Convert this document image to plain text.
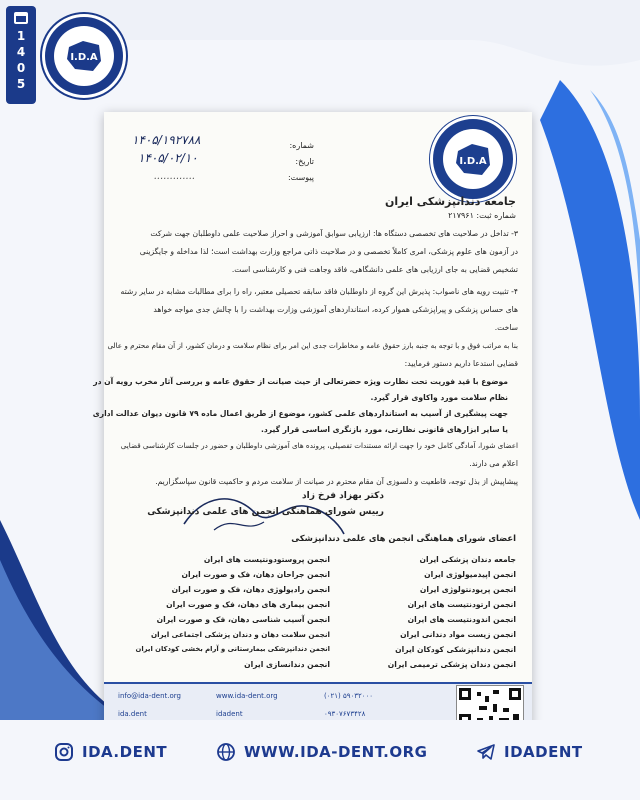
1
4
0
5
I.D.A
I.D.A
شماره:
۱۴۰۵/۱۹۲۷۸۸
تاریخ:
۱۴۰۵/۰۲/۱۰
پیوست:
.............
جامعه دندانپزشکی ایران
شماره ثبت: ۲۱۷۹۶۱
۳- تداخل در صلاحیت های تخصصی دستگاه ها: ارزیابی سوابق آموزشی و احراز صلاحیت علمی داوطلبان جهت شرکت
در آزمون های علوم پزشکی، امری کاملاً تخصصی و در صلاحیت ذاتی مراجع وزارت بهداشت است؛ لذا مداخله و جایگزینی
تشخیص قضایی به جای ارزیابی های علمی دانشگاهی، فاقد وجاهت فنی و کارشناسی است.
۴- تثبیت رویه های ناصواب: پذیرش این گروه از داوطلبان فاقد سابقه تحصیلی معتبر، راه را برای مطالبات مشابه در سایر رشته
های حساس پزشکی و پیراپزشکی هموار کرده، استانداردهای آموزشی وزارت بهداشت را با چالش جدی مواجه خواهد
ساخت.
بنا به مراتب فوق و با توجه به جنبه بارز حقوق عامه و مخاطرات جدی این امر برای نظام سلامت و درمان کشور، از آن مقام محترم و عالی
قضایی استدعا داریم دستور فرمایید:
موضوع با قید فوریت تحت نظارت ویژه حضرتعالی از حیث صیانت از حقوق عامه و بررسی آثار مخرب رویه آن در
نظام سلامت مورد واکاوی قرار گیرد.
جهت پیشگیری از آسیب به استانداردهای علمی کشور، موضوع از طریق اعمال ماده ۷۹ قانون دیوان عدالت اداری
یا سایر ابزارهای قانونی نظارتی، مورد بازنگری اساسی قرار گیرد.
اعضای شورا، آمادگی کامل خود را جهت ارائه مستندات تفصیلی، پرونده های آموزشی داوطلبان و حضور در جلسات کارشناسی قضایی
اعلام می دارند.
پیشاپیش از بذل توجه، قاطعیت و دلسوزی آن مقام محترم در صیانت از سلامت مردم و حاکمیت قانون سپاسگزاریم.
دکتر بهزاد فرخ زاد
رییس شورای هماهنگی انجمن های علمی دندانپزشکی
اعضای شورای هماهنگی انجمن های علمی دندانپزشکی
جامعه دندان پزشکی ایران
انجمن اپیدمیولوژی ایران
انجمن پریودنتولوژی ایران
انجمن ارتودنتیست های ایران
انجمن اندودنتیست های ایران
انجمن زیست مواد دندانی ایران
انجمن دندانپزشکی کودکان ایران
انجمن دندان پزشکی ترمیمی ایران
انجمن پروستودونتیست های ایران
انجمن جراحان دهان، فک و صورت ایران
انجمن رادیولوژی دهان، فک و صورت ایران
انجمن بیماری های دهان، فک و صورت ایران
انجمن آسیب شناسی دهان، فک و صورت ایران
انجمن سلامت دهان و دندان پزشکی اجتماعی ایران
انجمن دندانپزشکی بیمارستانی و آرام بخشی کودکان ایران
انجمن دندانسازی ایران
info@ida-dent.org	www.ida-dent.org	(۰۲۱) ۵۹۰۳۲۰۰۰
ida.dent	idadent	۰۹۳۰۷۶۷۳۴۲۸
IDA.DENT	WWW.IDA-DENT.ORG	IDADENT
